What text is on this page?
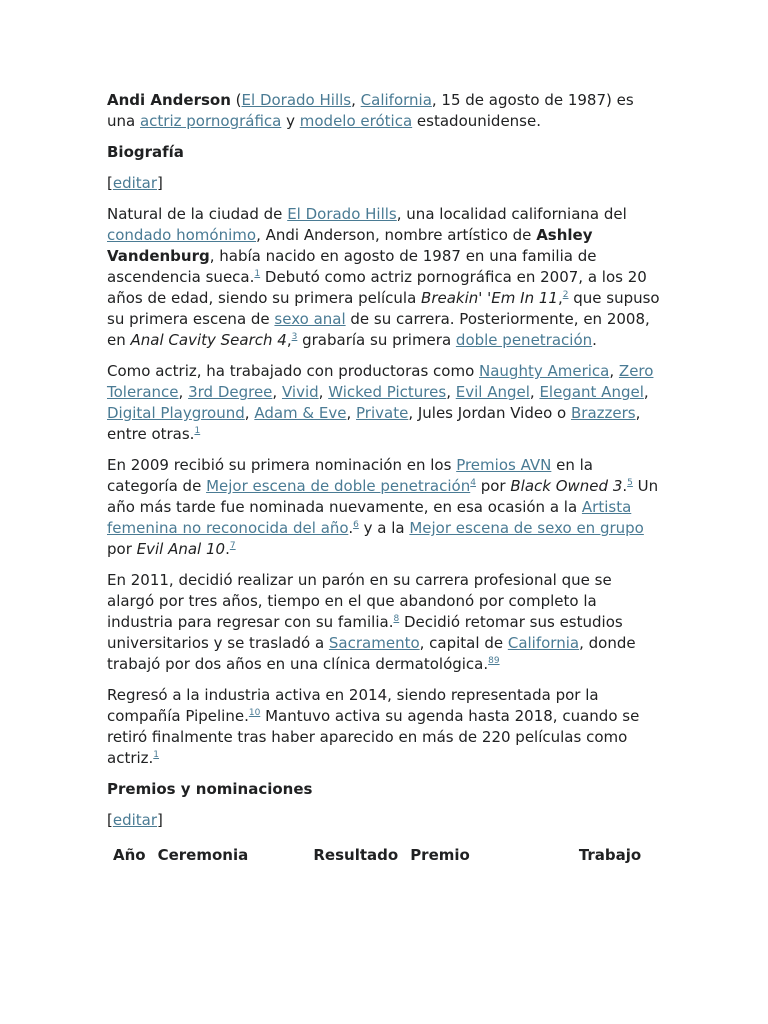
Andi Anderson (El Dorado Hills, California, 15 de agosto de 1987) es una actriz pornográfica y modelo erótica estadounidense.

Biografía
[editar]

Natural de la ciudad de El Dorado Hills, una localidad californiana del condado homónimo, Andi Anderson, nombre artístico de Ashley Vandenburg, había nacido en agosto de 1987 en una familia de ascendencia sueca.$^1$ Debutó como actriz pornográfica en 2007, a los 20 años de edad, siendo su primera película Breakin' 'Em In 11,$^2$ que supuso su primera escena de sexo anal de su carrera. Posteriormente, en 2008, en Anal Cavity Search 4,$^3$ grabaría su primera doble penetración.

Como actriz, ha trabajado con productoras como Naughty America, Zero Tolerance, 3rd Degree, Vivid, Wicked Pictures, Evil Angel, Elegant Angel, Digital Playground, Adam & Eve, Private, Jules Jordan Video o Brazzers, entre otras.$^1$

En 2009 recibió su primera nominación en los Premios AVN en la categoría de Mejor escena de doble penetración$^4$ por Black Owned 3.$^5$ Un año más tarde fue nominada nuevamente, en esa ocasión a la Artista femenina no reconocida del año.$^6$ y a la Mejor escena de sexo en grupo por Evil Anal 10.$^7$

En 2011, decidió realizar un parón en su carrera profesional que se alargó por tres años, tiempo en el que abandonó por completo la industria para regresar con su familia.$^8$ Decidió retomar sus estudios universitarios y se trasladó a Sacramento, capital de California, donde trabajó por dos años en una clínica dermatológica.$^{89}$

Regresó a la industria activa en 2014, siendo representada por la compañía Pipeline.$^{10}$ Mantuvo activa su agenda hasta 2018, cuando se retiró finalmente tras haber aparecido en más de 220 películas como actriz.$^1$

Premios y nominaciones
[editar]
Año	Ceremonia	Resultado	Premio	Trabajo
